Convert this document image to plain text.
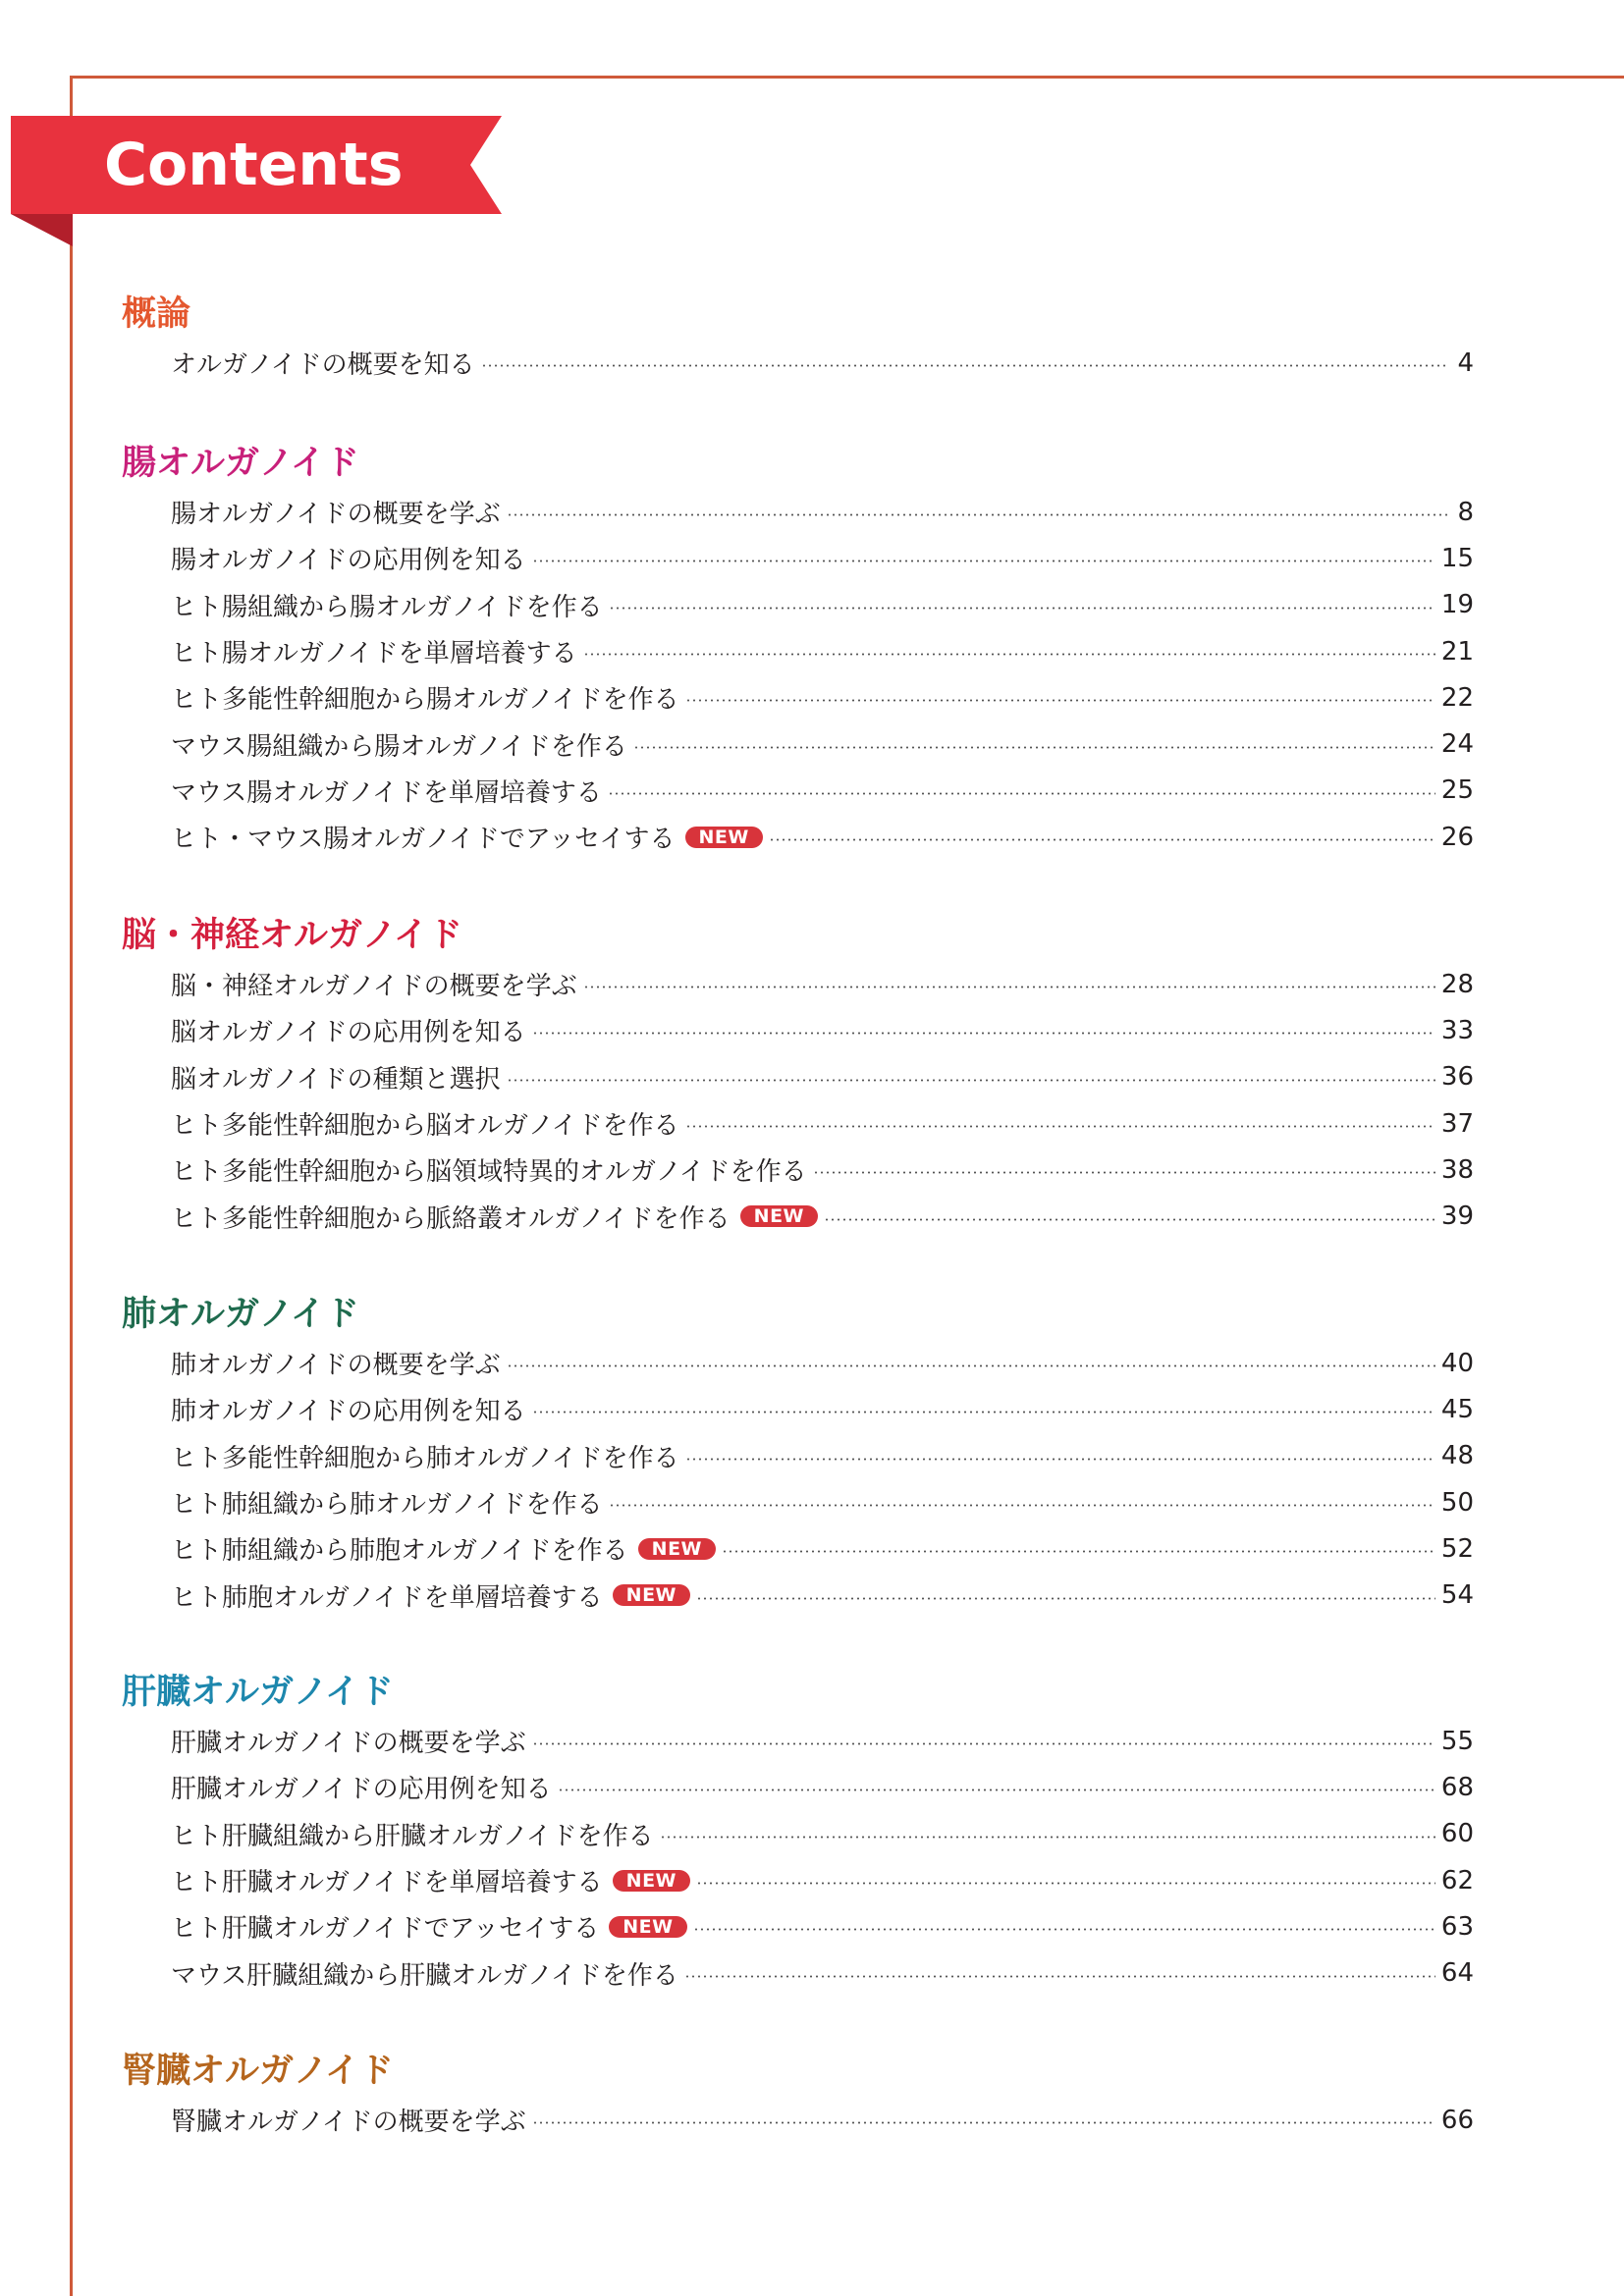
Contents
概論
オルガノイドの概要を知る	4
腸オルガノイド
腸オルガノイドの概要を学ぶ	8
腸オルガノイドの応用例を知る	15
ヒト腸組織から腸オルガノイドを作る	19
ヒト腸オルガノイドを単層培養する	21
ヒト多能性幹細胞から腸オルガノイドを作る	22
マウス腸組織から腸オルガノイドを作る	24
マウス腸オルガノイドを単層培養する	25
ヒト・マウス腸オルガノイドでアッセイする	NEW	26
脳・神経オルガノイド
脳・神経オルガノイドの概要を学ぶ	28
脳オルガノイドの応用例を知る	33
脳オルガノイドの種類と選択	36
ヒト多能性幹細胞から脳オルガノイドを作る	37
ヒト多能性幹細胞から脳領域特異的オルガノイドを作る	38
ヒト多能性幹細胞から脈絡叢オルガノイドを作る	NEW	39
肺オルガノイド
肺オルガノイドの概要を学ぶ	40
肺オルガノイドの応用例を知る	45
ヒト多能性幹細胞から肺オルガノイドを作る	48
ヒト肺組織から肺オルガノイドを作る	50
ヒト肺組織から肺胞オルガノイドを作る	NEW	52
ヒト肺胞オルガノイドを単層培養する	NEW	54
肝臓オルガノイド
肝臓オルガノイドの概要を学ぶ	55
肝臓オルガノイドの応用例を知る	68
ヒト肝臓組織から肝臓オルガノイドを作る	60
ヒト肝臓オルガノイドを単層培養する	NEW	62
ヒト肝臓オルガノイドでアッセイする	NEW	63
マウス肝臓組織から肝臓オルガノイドを作る	64
腎臓オルガノイド
腎臓オルガノイドの概要を学ぶ	66
